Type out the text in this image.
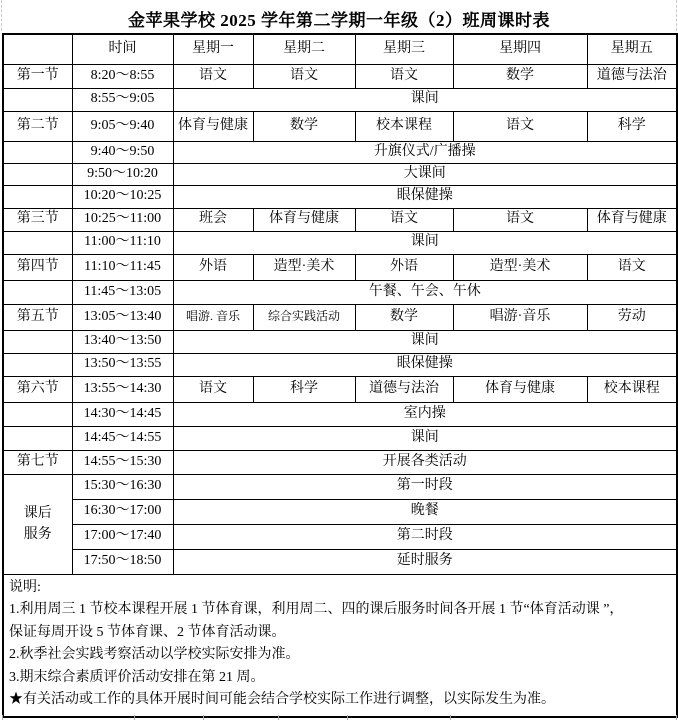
金苹果学校 2025 学年第二学期一年级（2）班周课时表
	时间	星期一	星期二	星期三	星期四	星期五
第一节	8:20～8:55	语文	语文	语文	数学	道德与法治
	8:55～9:05	课间				
第二节	9:05～9:40	体育与健康	数学	校本课程	语文	科学
	9:40～9:50	升旗仪式/广播操				
	9:50～10:20	大课间				
	10:20～10:25	眼保健操				
第三节	10:25～11:00	班会	体育与健康	语文	语文	体育与健康
	11:00～11:10	课间				
第四节	11:10～11:45	外语	造型·美术	外语	造型·美术	语文
	11:45～13:05	午餐、午会、午休				
第五节	13:05～13:40	唱游. 音乐	综合实践活动	数学	唱游·音乐	劳动
	13:40～13:50	课间				
	13:50～13:55	眼保健操				
第六节	13:55～14:30	语文	科学	道德与法治	体育与健康	校本课程
	14:30～14:45	室内操				
	14:45～14:55	课间				
第七节	14:55～15:30	开展各类活动				
课后服务	15:30～16:30	第一时段				
	16:30～17:00	晚餐				
	17:00～17:40	第二时段				
	17:50～18:50	延时服务				

说明:
1.利用周三 1 节校本课程开展 1 节体育课，利用周二、四的课后服务时间各开展 1 节“体育活动课 ”，
保证每周开设 5 节体育课、2 节体育活动课。
2.秋季社会实践考察活动以学校实际安排为准。
3.期末综合素质评价活动安排在第 21 周。
★有关活动或工作的具体开展时间可能会结合学校实际工作进行调整，以实际发生为准。
